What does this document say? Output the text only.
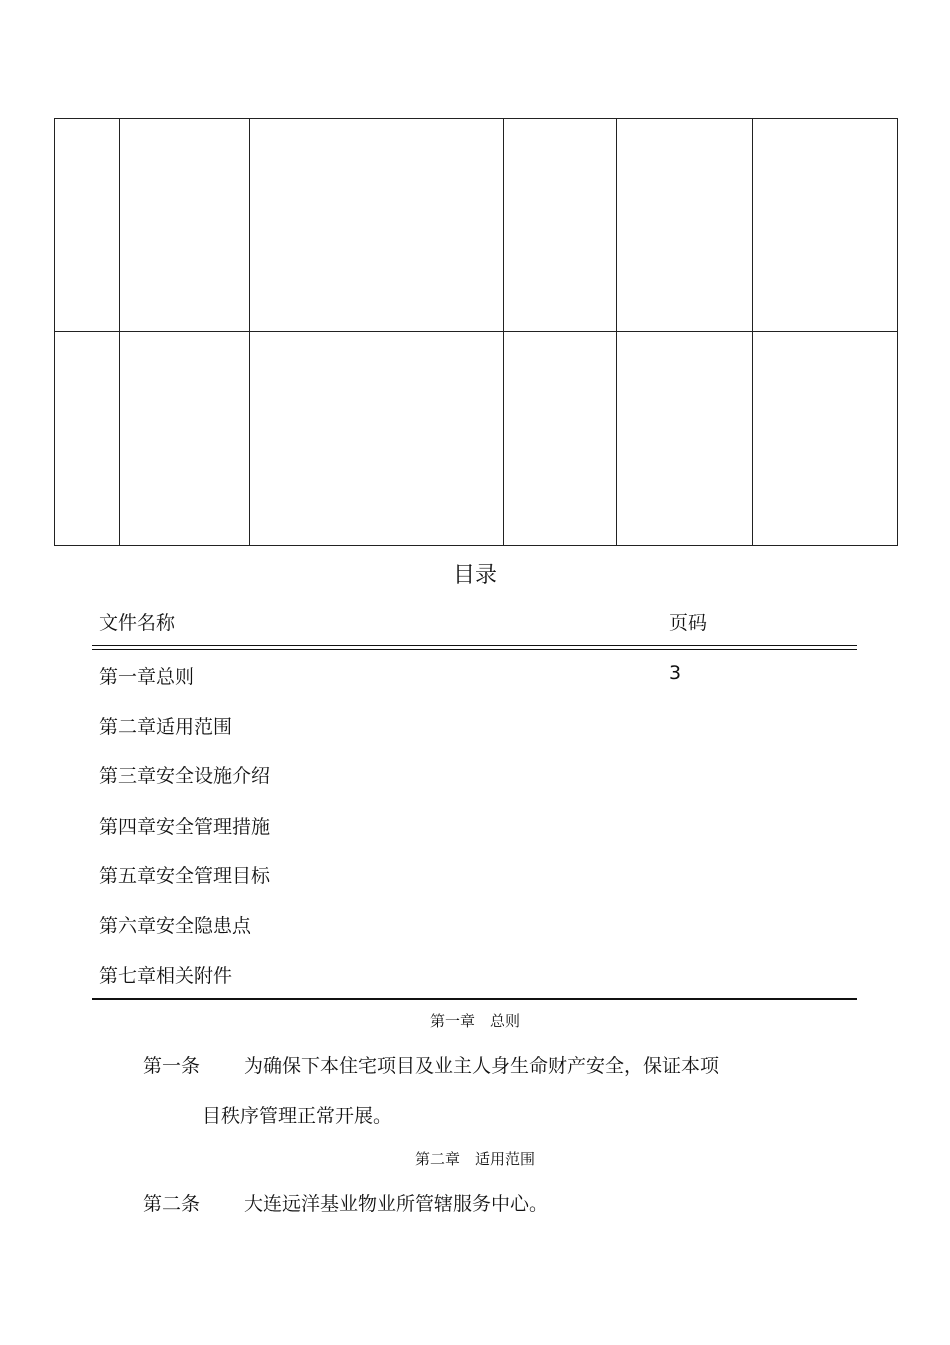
目录
文件名称	页码
第一章总则	3
第二章适用范围
第三章安全设施介绍
第四章安全管理措施
第五章安全管理目标
第六章安全隐患点
第七章相关附件
第一章　总则
第一条 为确保下本住宅项目及业主人身生命财产安全，保证本项
目秩序管理正常开展。
第二章　适用范围
第二条 大连远洋基业物业所管辖服务中心。
